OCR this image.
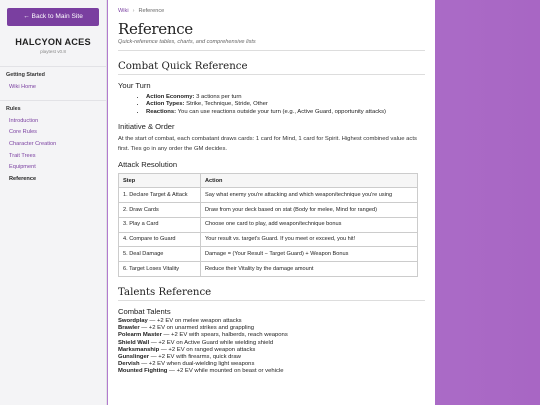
← Back to Main Site
HALCYON ACES
playtest v0.8
Getting Started
Wiki Home
Rules
Introduction
Core Rules
Character Creation
Trait Trees
Equipment
Reference
Wiki › Reference
Reference
Quick-reference tables, charts, and comprehensive lists
Combat Quick Reference
Your Turn
• Action Economy: 3 actions per turn
• Action Types: Strike, Technique, Stride, Other
• Reactions: You can use reactions outside your turn (e.g., Active Guard, opportunity attacks)
Initiative & Order
At the start of combat, each combatant draws cards: 1 card for Mind, 1 card for Spirit. Highest combined value acts first. Ties go in any order the GM decides.
Attack Resolution
Step	Action
1. Declare Target & Attack	Say what enemy you're attacking and which weapon/technique you're using
2. Draw Cards	Draw from your deck based on stat (Body for melee, Mind for ranged)
3. Play a Card	Choose one card to play, add weapon/technique bonus
4. Compare to Guard	Your result vs. target's Guard. If you meet or exceed, you hit!
5. Deal Damage	Damage = (Your Result − Target Guard) + Weapon Bonus
6. Target Loses Vitality	Reduce their Vitality by the damage amount
Talents Reference
Combat Talents
Swordplay — +2 EV on melee weapon attacks
Brawler — +2 EV on unarmed strikes and grappling
Polearm Master — +2 EV with spears, halberds, reach weapons
Shield Wall — +2 EV on Active Guard while wielding shield
Marksmanship — +2 EV on ranged weapon attacks
Gunslinger — +2 EV with firearms, quick draw
Dervish — +2 EV when dual-wielding light weapons
Mounted Fighting — +2 EV while mounted on beast or vehicle
